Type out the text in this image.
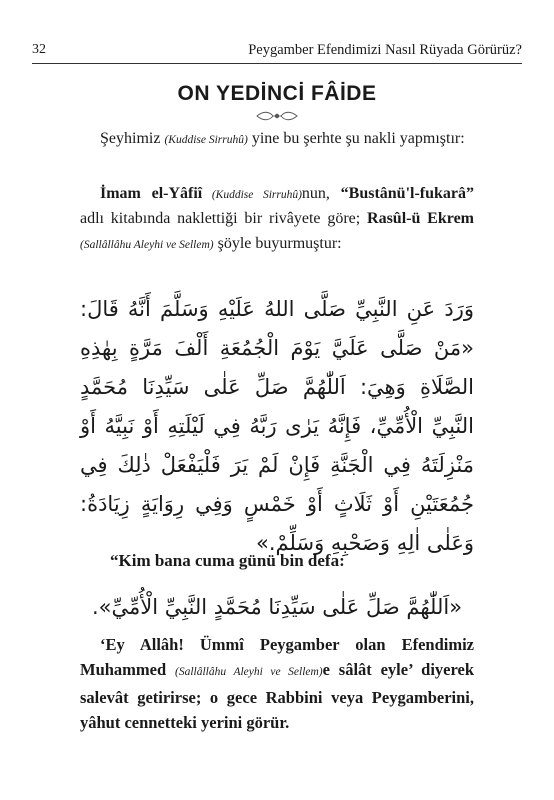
32	Peygamber Efendimizi Nasıl Rüyada Görürüz?
ON YEDİNCİ FÂİDE
Şeyhimiz (Kuddise Sirruhû) yine bu şerhte şu nakli yapmıştır:
İmam el-Yâfiî (Kuddise Sirruhû)nun, “Bustânü'l-fukarâ” adlı kitabında naklettiği bir rivâyete göre; Rasûl-ü Ekrem (Sallâllâhu Aleyhi ve Sellem) şöyle buyurmuştur:
وَرَدَ عَنِ النَّبِيِّ صَلَّى اللهُ عَلَيْهِ وَسَلَّمَ أَنَّهُ قَالَ: «مَنْ صَلَّى عَلَيَّ يَوْمَ الْجُمُعَةِ أَلْفَ مَرَّةٍ بِهٰذِهِ الصَّلَاةِ وَهِيَ: اَللّٰهُمَّ صَلِّ عَلٰى سَيِّدِنَا مُحَمَّدٍ النَّبِيِّ الْأُمِّيِّ، فَإِنَّهُ يَرٰى رَبَّهُ فِي لَيْلَتِهِ أَوْ نَبِيَّهُ أَوْ مَنْزِلَتَهُ فِي الْجَنَّةِ فَإِنْ لَمْ يَرَ فَلْيَفْعَلْ ذٰلِكَ فِي جُمُعَتَيْنِ أَوْ ثَلَاثٍ أَوْ خَمْسٍ وَفِي رِوَايَةٍ زِيَادَةُ: وَعَلٰى اٰلِهِ وَصَحْبِهِ وَسَلِّمْ.»
“Kim bana cuma günü bin defa:
«اَللّٰهُمَّ صَلِّ عَلٰى سَيِّدِنَا مُحَمَّدٍ النَّبِيِّ الْأُمِّيِّ».
‘Ey Allâh! Ümmî Peygamber olan Efendimiz Muhammed (Sallâllâhu Aleyhi ve Sellem)e sâlât eyle’ diyerek salevât getirirse; o gece Rabbini veya Peygamberini, yâhut cennetteki yerini görür.
